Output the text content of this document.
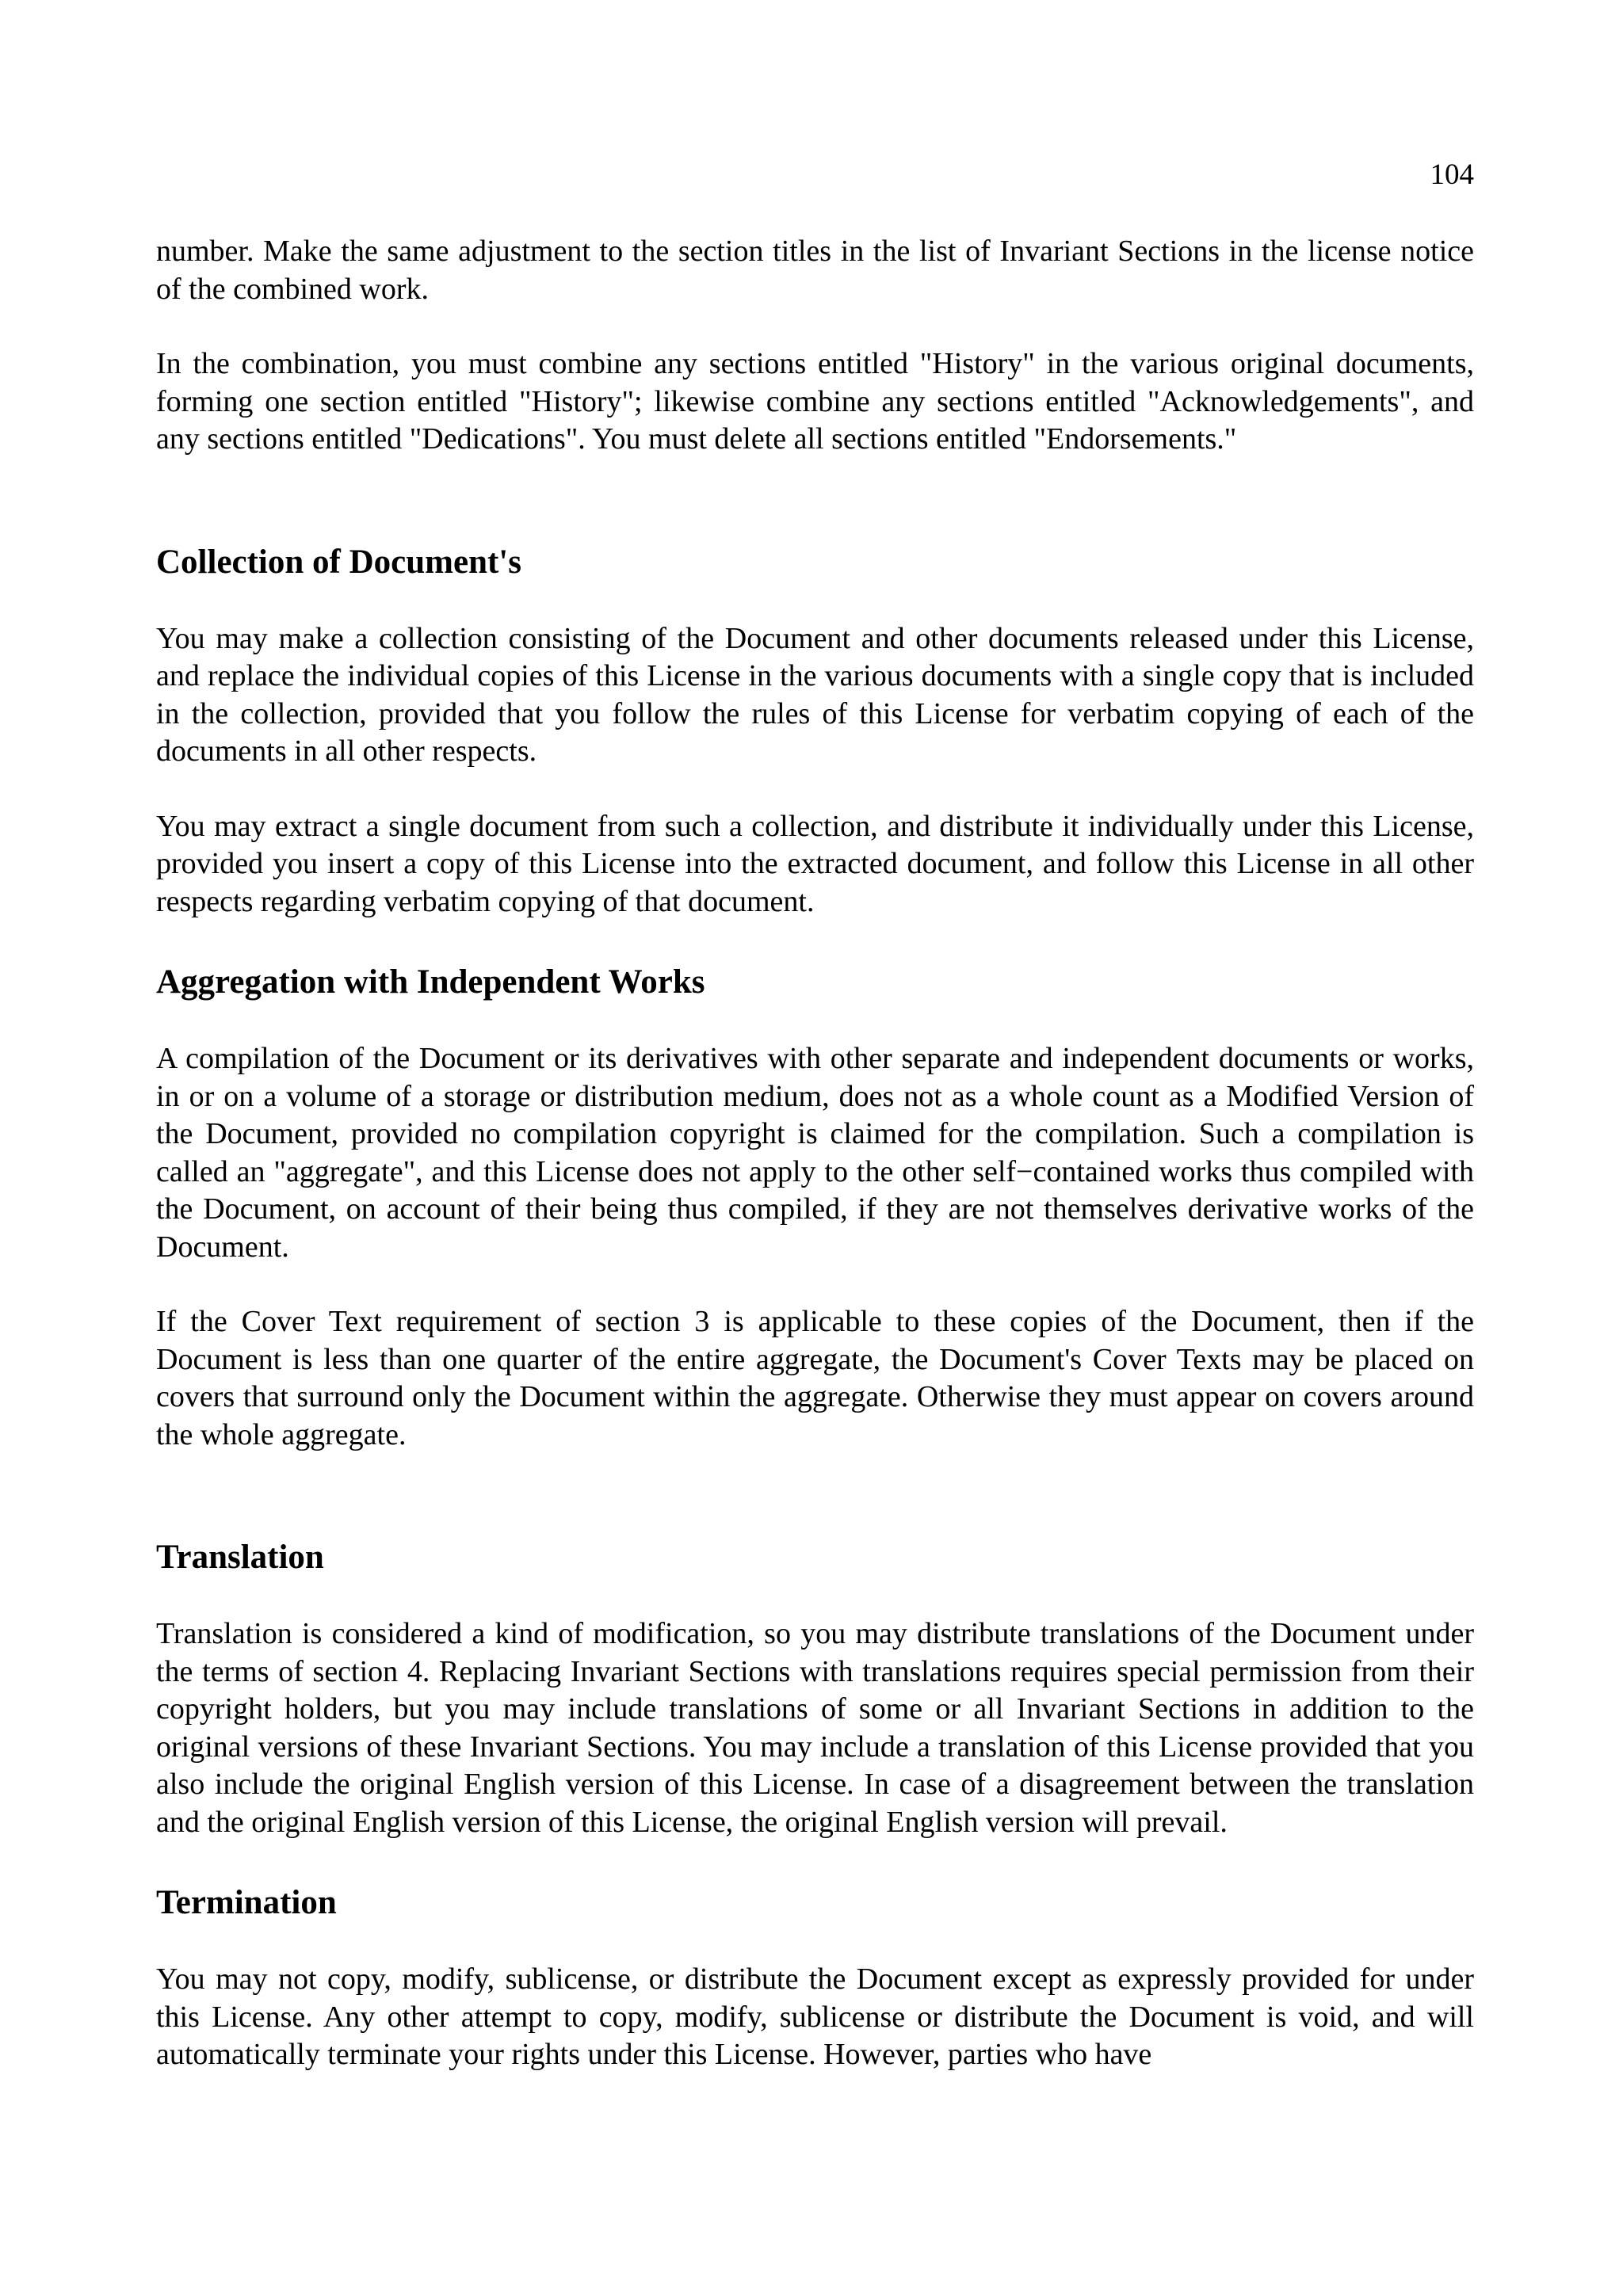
104

number. Make the same adjustment to the section titles in the list of Invariant Sections in the license notice of the combined work.

In the combination, you must combine any sections entitled "History" in the various original documents, forming one section entitled "History"; likewise combine any sections entitled "Acknowledgements", and any sections entitled "Dedications". You must delete all sections entitled "Endorsements."

Collection of Document's

You may make a collection consisting of the Document and other documents released under this License, and replace the individual copies of this License in the various documents with a single copy that is included in the collection, provided that you follow the rules of this License for verbatim copying of each of the documents in all other respects.

You may extract a single document from such a collection, and distribute it individually under this License, provided you insert a copy of this License into the extracted document, and follow this License in all other respects regarding verbatim copying of that document.

Aggregation with Independent Works

A compilation of the Document or its derivatives with other separate and independent documents or works, in or on a volume of a storage or distribution medium, does not as a whole count as a Modified Version of the Document, provided no compilation copyright is claimed for the compilation. Such a compilation is called an "aggregate", and this License does not apply to the other self−contained works thus compiled with the Document, on account of their being thus compiled, if they are not themselves derivative works of the Document.

If the Cover Text requirement of section 3 is applicable to these copies of the Document, then if the Document is less than one quarter of the entire aggregate, the Document's Cover Texts may be placed on covers that surround only the Document within the aggregate. Otherwise they must appear on covers around the whole aggregate.

Translation

Translation is considered a kind of modification, so you may distribute translations of the Document under the terms of section 4. Replacing Invariant Sections with translations requires special permission from their copyright holders, but you may include translations of some or all Invariant Sections in addition to the original versions of these Invariant Sections. You may include a translation of this License provided that you also include the original English version of this License. In case of a disagreement between the translation and the original English version of this License, the original English version will prevail.

Termination

You may not copy, modify, sublicense, or distribute the Document except as expressly provided for under this License. Any other attempt to copy, modify, sublicense or distribute the Document is void, and will automatically terminate your rights under this License. However, parties who have
